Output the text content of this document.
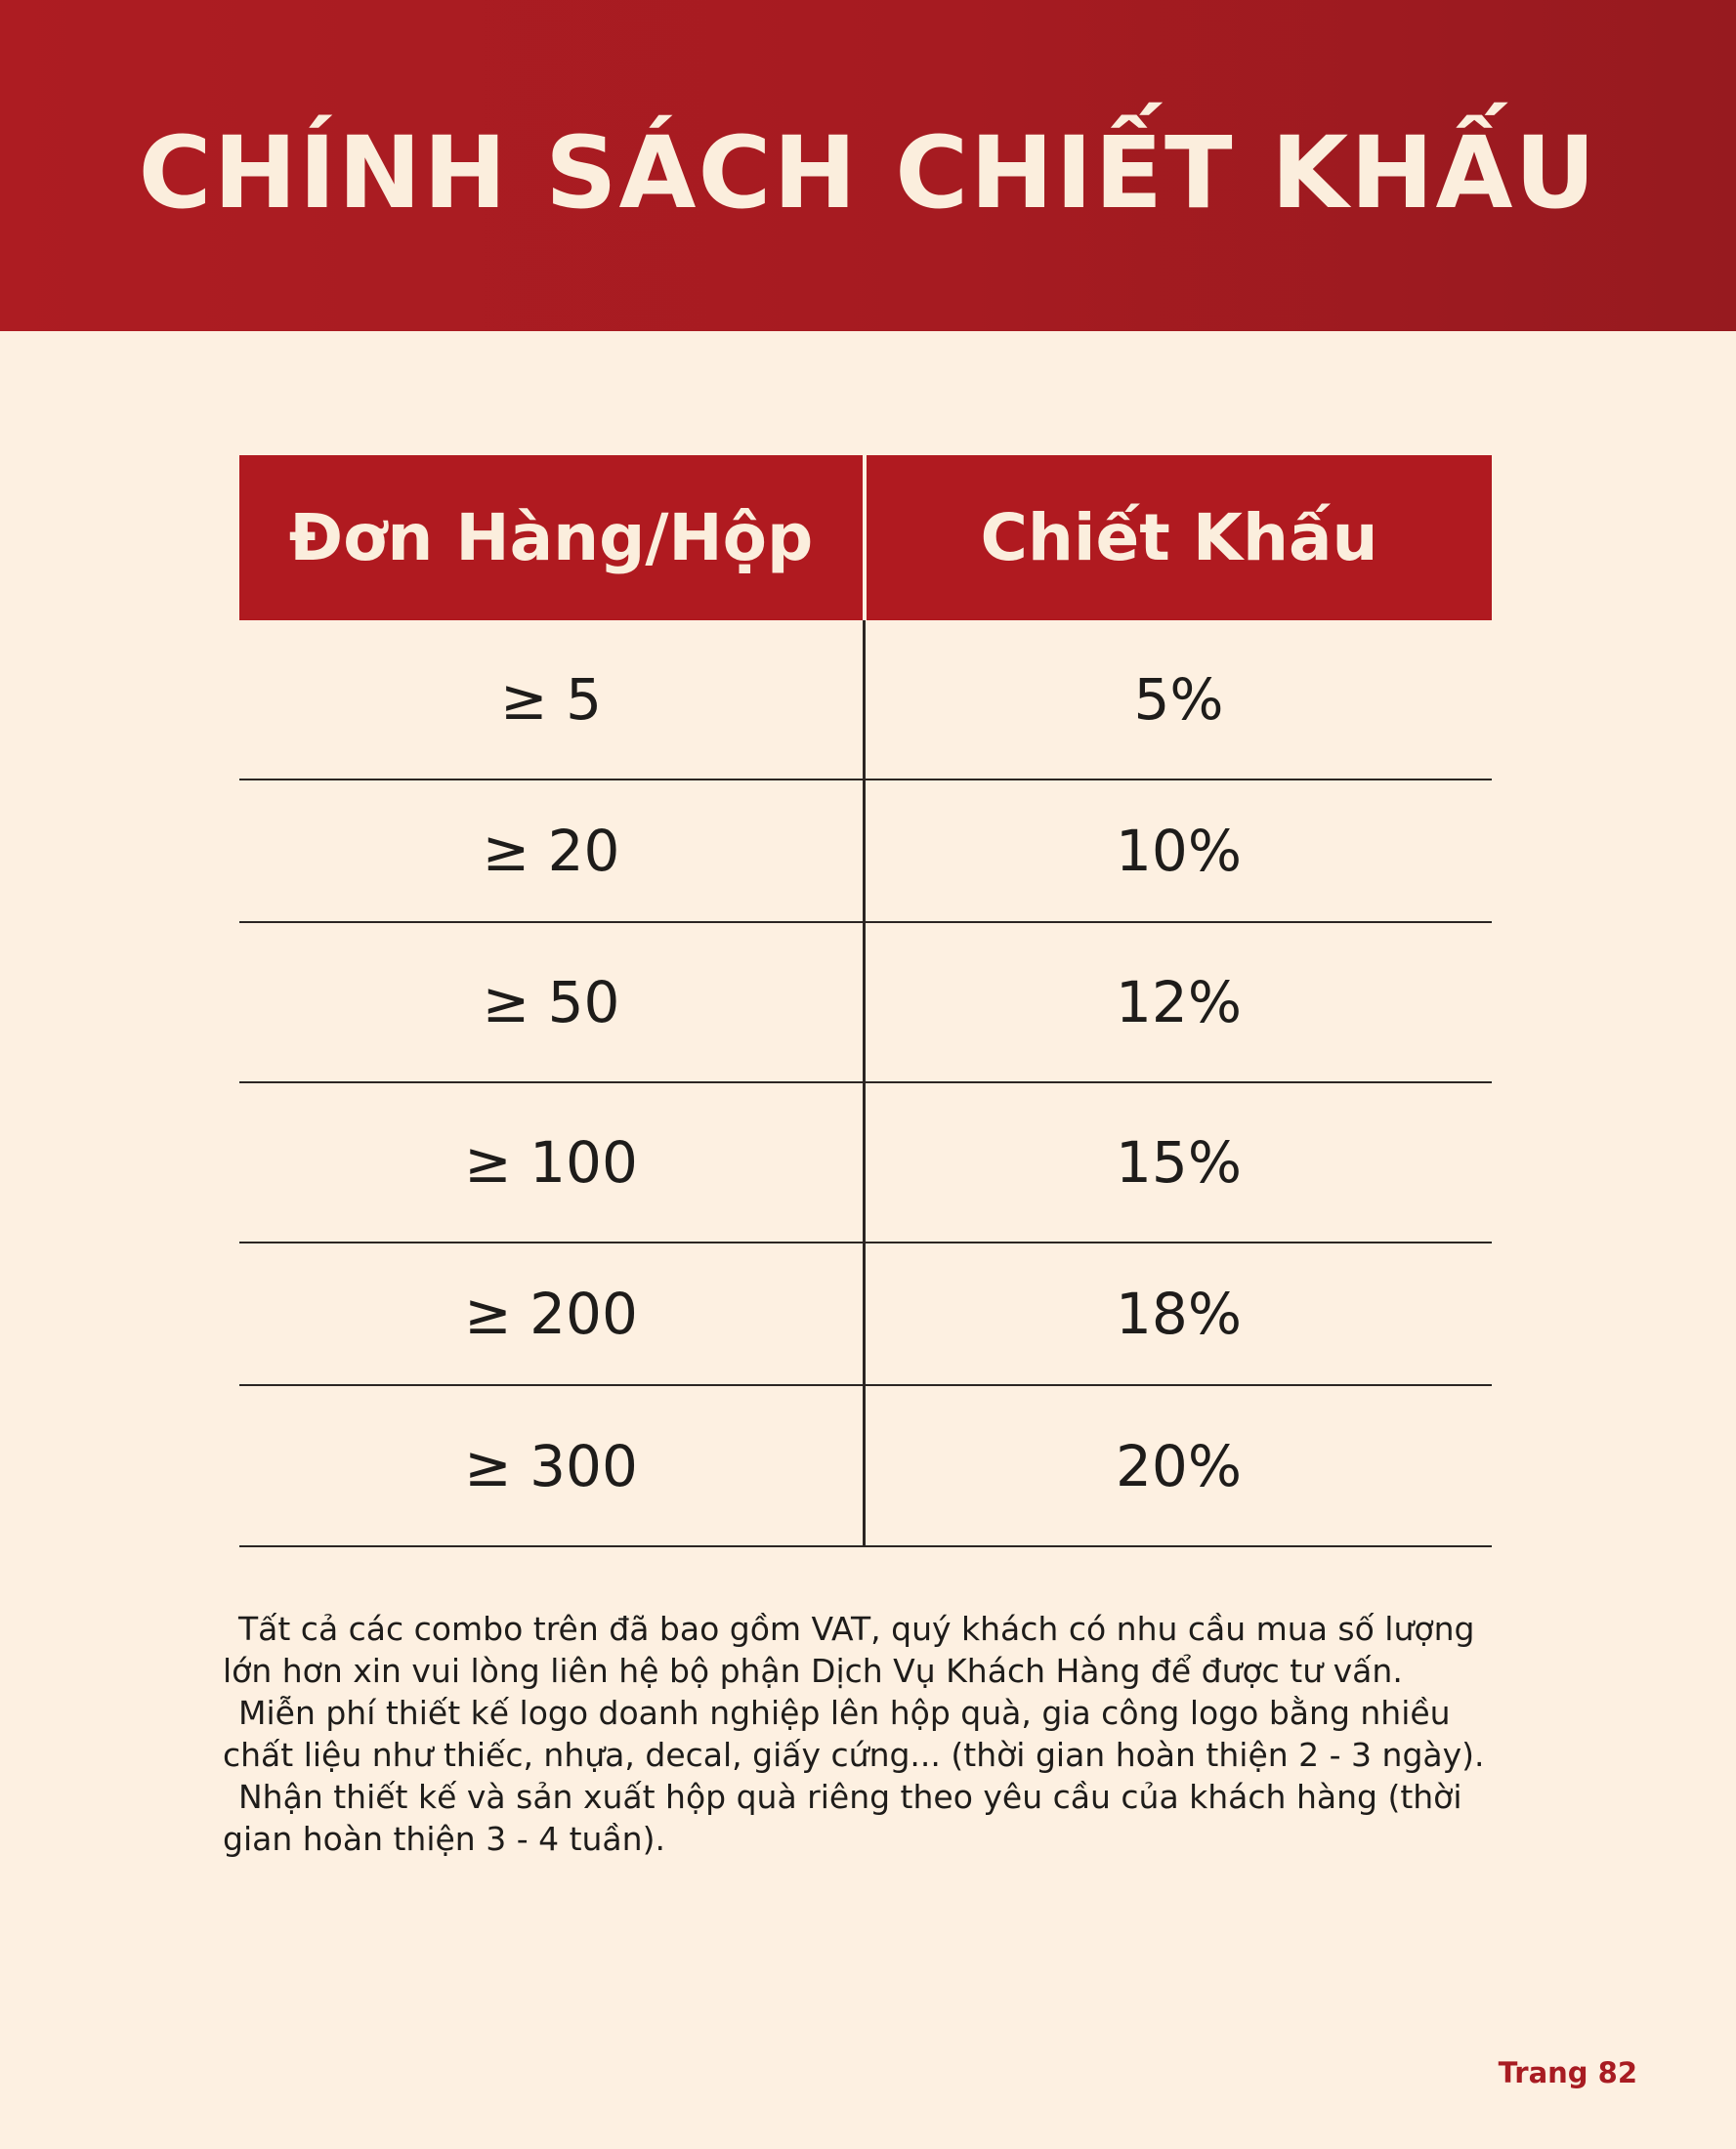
CHÍNH SÁCH CHIẾT KHẤU
Đơn Hàng/Hộp	Chiết Khấu
≥ 5	5%
≥ 20	10%
≥ 50	12%
≥ 100	15%
≥ 200	18%
≥ 300	20%

Tất cả các combo trên đã bao gồm VAT, quý khách có nhu cầu mua số lượng lớn hơn xin vui lòng liên hệ bộ phận Dịch Vụ Khách Hàng để được tư vấn.

Miễn phí thiết kế logo doanh nghiệp lên hộp quà, gia công logo bằng nhiều chất liệu như thiếc, nhựa, decal, giấy cứng... (thời gian hoàn thiện 2 - 3 ngày).

Nhận thiết kế và sản xuất hộp quà riêng theo yêu cầu của khách hàng (thời gian hoàn thiện 3 - 4 tuần).

Trang 82
